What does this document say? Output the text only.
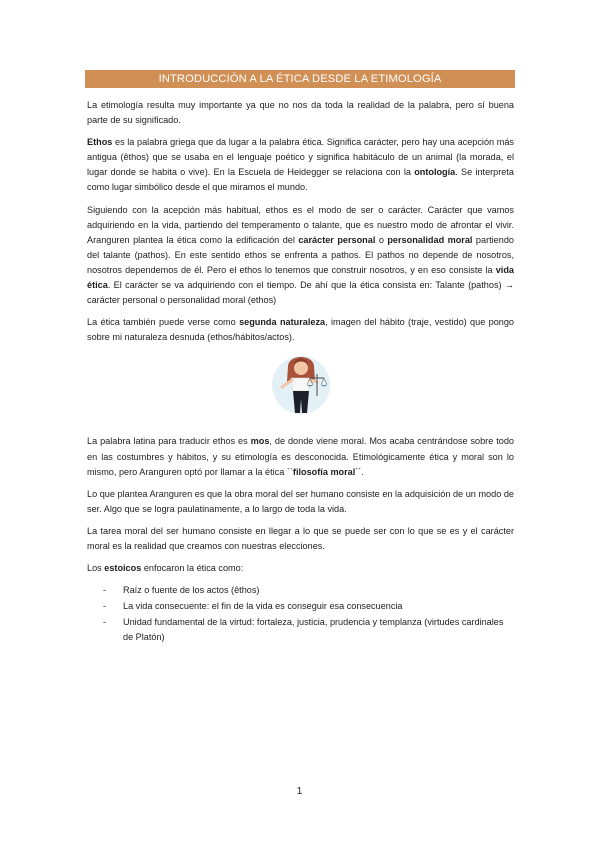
INTRODUCCIÓN A LA ÉTICA DESDE LA ETIMOLOGÍA

La etimología resulta muy importante ya que no nos da toda la realidad de la palabra, pero sí buena parte de su significado.

Ethos es la palabra griega que da lugar a la palabra ética. Significa carácter, pero hay una acepción más antigua (êthos) que se usaba en el lenguaje poético y significa habitáculo de un animal (la morada, el lugar donde se habita o vive). En la Escuela de Heidegger se relaciona con la ontología. Se interpreta como lugar simbólico desde el que miramos el mundo.

Siguiendo con la acepción más habitual, ethos es el modo de ser o carácter. Carácter que vamos adquiriendo en la vida, partiendo del temperamento o talante, que es nuestro modo de afrontar el vivir. Aranguren plantea la ética como la edificación del carácter personal o personalidad moral partiendo del talante (pathos). En este sentido ethos se enfrenta a pathos. El pathos no depende de nosotros, nosotros dependemos de él. Pero el ethos lo tenemos que construir nosotros, y en eso consiste la vida ética. El carácter se va adquiriendo con el tiempo. De ahí que la ética consista en: Talante (pathos) → carácter personal o personalidad moral (ethos)

La ética también puede verse como segunda naturaleza, imagen del hábito (traje, vestido) que pongo sobre mi naturaleza desnuda (ethos/hábitos/actos).

La palabra latina para traducir ethos es mos, de donde viene moral. Mos acaba centrándose sobre todo en las costumbres y hábitos, y su etimología es desconocida. Etimológicamente ética y moral son lo mismo, pero Aranguren optó por llamar a la ética ``filosofía moral´´.

Lo que plantea Aranguren es que la obra moral del ser humano consiste en la adquisición de un modo de ser. Algo que se logra paulatinamente, a lo largo de toda la vida.

La tarea moral del ser humano consiste en llegar a lo que se puede ser con lo que se es y el carácter moral es la realidad que creamos con nuestras elecciones.

Los estoicos enfocaron la ética como:

- Raíz o fuente de los actos (êthos)
- La vida consecuente: el fin de la vida es conseguir esa consecuencia
- Unidad fundamental de la virtud: fortaleza, justicia, prudencia y templanza (virtudes cardinales de Platón)
1
